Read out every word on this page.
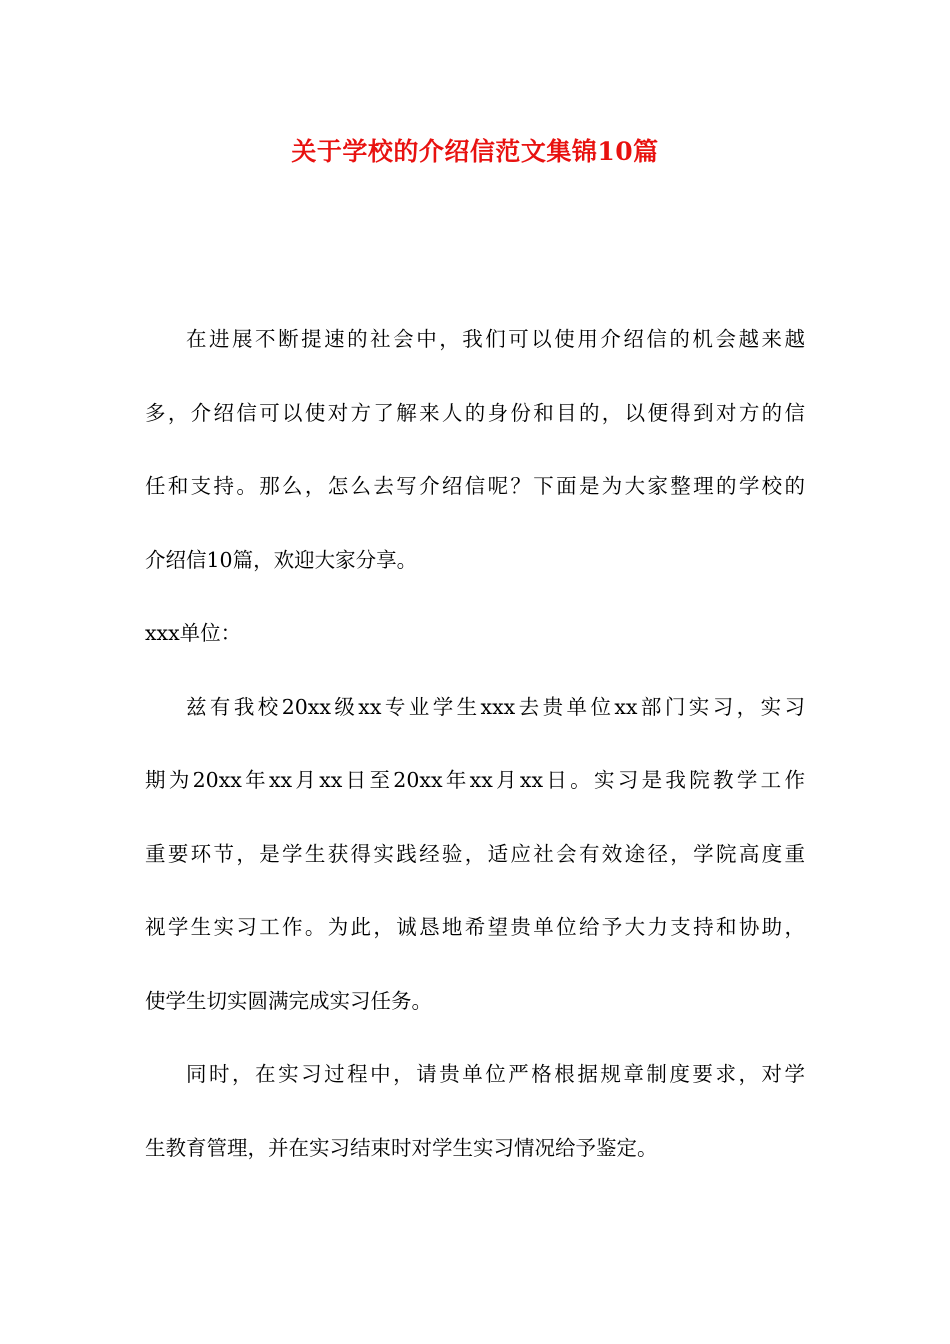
关于学校的介绍信范文集锦10篇
在进展不断提速的社会中，我们可以使用介绍信的机会越来越
多，介绍信可以使对方了解来人的身份和目的，以便得到对方的信
任和支持。那么，怎么去写介绍信呢？下面是为大家整理的学校的
介绍信10篇，欢迎大家分享。
xxx单位：
兹有我校20xx级xx专业学生xxx去贵单位xx部门实习，实习
期为20xx年xx月xx日至20xx年xx月xx日。实习是我院教学工作
重要环节，是学生获得实践经验，适应社会有效途径，学院高度重
视学生实习工作。为此，诚恳地希望贵单位给予大力支持和协助，
使学生切实圆满完成实习任务。
同时，在实习过程中，请贵单位严格根据规章制度要求，对学
生教育管理，并在实习结束时对学生实习情况给予鉴定。
